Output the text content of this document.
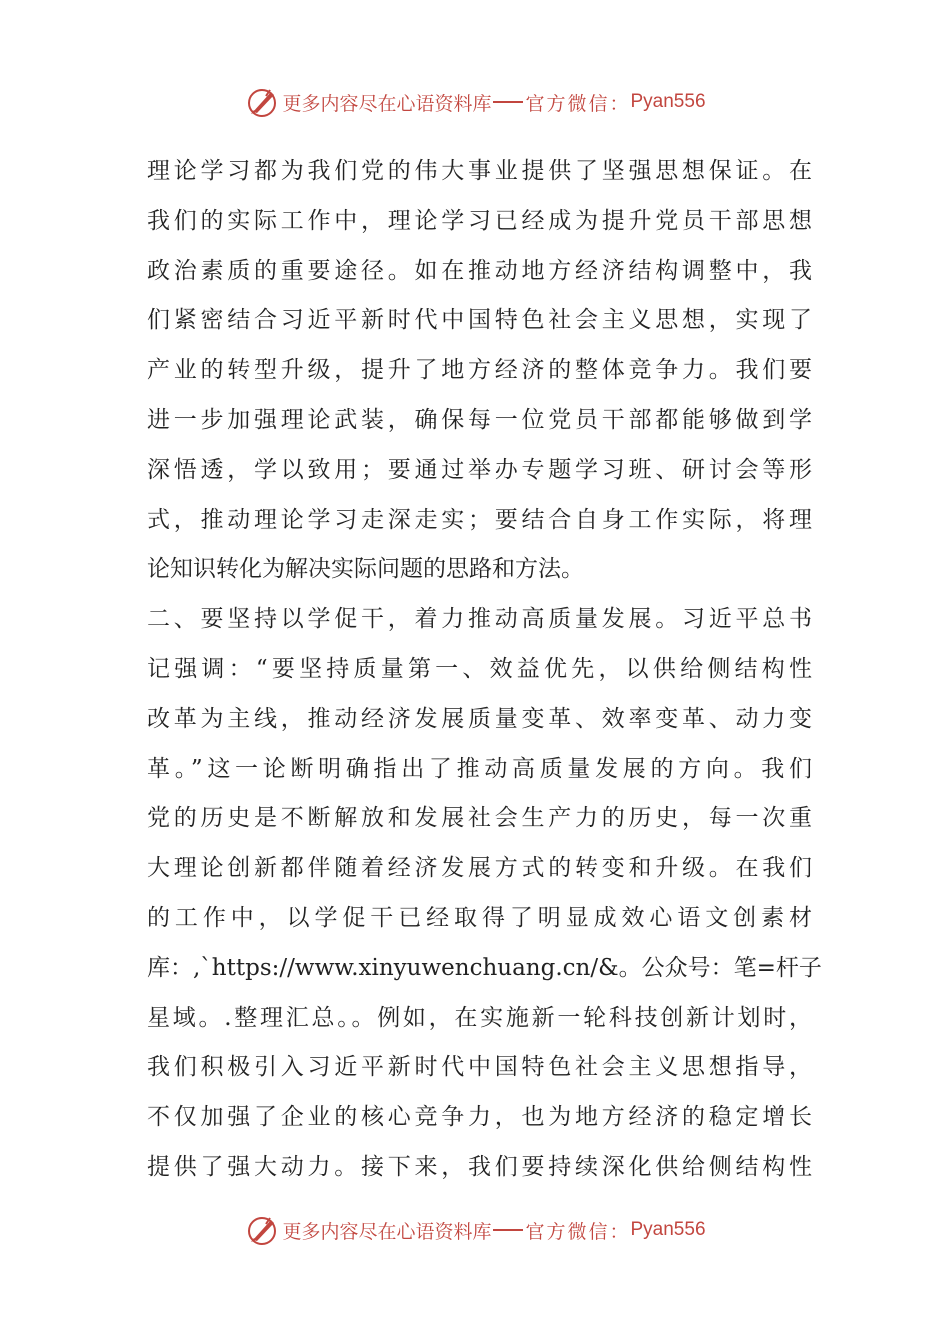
更多内容尽在心语资料库 官方微信： Pyan556
理论学习都为我们党的伟大事业提供了坚强思想保证。在
我们的实际工作中，理论学习已经成为提升党员干部思想
政治素质的重要途径。如在推动地方经济结构调整中，我
们紧密结合习近平新时代中国特色社会主义思想，实现了
产业的转型升级，提升了地方经济的整体竞争力。我们要
进一步加强理论武装，确保每一位党员干部都能够做到学
深悟透，学以致用；要通过举办专题学习班、研讨会等形
式，推动理论学习走深走实；要结合自身工作实际，将理
论知识转化为解决实际问题的思路和方法。
二、要坚持以学促干，着力推动高质量发展。习近平总书
记强调：“要坚持质量第一、效益优先，以供给侧结构性
改革为主线，推动经济发展质量变革、效率变革、动力变
革。”这一论断明确指出了推动高质量发展的方向。我们
党的历史是不断解放和发展社会生产力的历史，每一次重
大理论创新都伴随着经济发展方式的转变和升级。在我们
的工作中，以学促干已经取得了明显成效心语文创素材
库：,`https://www.xinyuwenchuang.cn/&。公众号：笔=杆子
星域。.整理汇总。。例如，在实施新一轮科技创新计划时，
我们积极引入习近平新时代中国特色社会主义思想指导，
不仅加强了企业的核心竞争力，也为地方经济的稳定增长
提供了强大动力。接下来，我们要持续深化供给侧结构性
更多内容尽在心语资料库 官方微信： Pyan556
